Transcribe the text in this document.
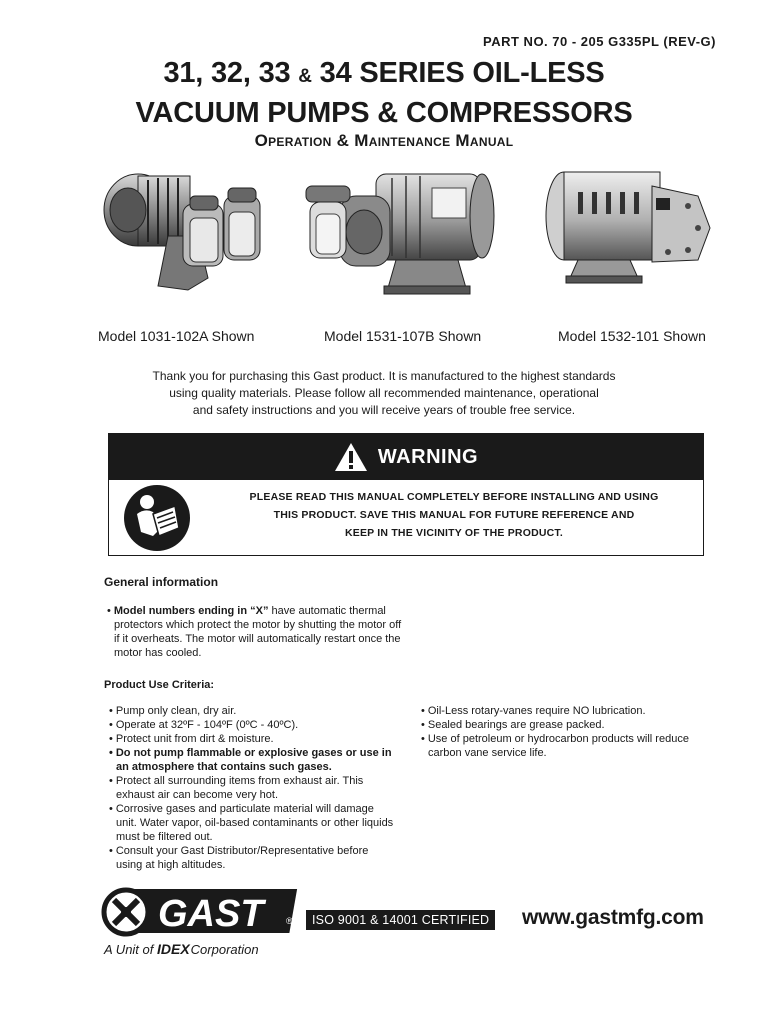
PART NO. 70 - 205 G335PL (REV-G)
31, 32, 33 & 34 SERIES OIL-LESS
VACUUM PUMPS & COMPRESSORS
Operation & Maintenance Manual
Model 1031-102A Shown	Model 1531-107B Shown	Model 1532-101 Shown
Thank you for purchasing this Gast product. It is manufactured to the highest standards
using quality materials. Please follow all recommended maintenance, operational
and safety instructions and you will receive years of trouble free service.
WARNING
PLEASE READ THIS MANUAL COMPLETELY BEFORE INSTALLING AND USING
THIS PRODUCT. SAVE THIS MANUAL FOR FUTURE REFERENCE AND
KEEP IN THE VICINITY OF THE PRODUCT.
General information
• Model numbers ending in “X” have automatic thermal protectors which protect the motor by shutting the motor off if it overheats. The motor will automatically restart once the motor has cooled.
Product Use Criteria:
• Pump only clean, dry air.
• Operate at 32ºF - 104ºF (0ºC - 40ºC).
• Protect unit from dirt & moisture.
• Do not pump flammable or explosive gases or use in an atmosphere that contains such gases.
• Protect all surrounding items from exhaust air. This exhaust air can become very hot.
• Corrosive gases and particulate material will damage unit. Water vapor, oil-based contaminants or other liquids must be filtered out.
• Consult your Gast Distributor/Representative before using at high altitudes.
• Oil-Less rotary-vanes require NO lubrication.
• Sealed bearings are grease packed.
• Use of petroleum or hydrocarbon products will reduce carbon vane service life.
GAST	®
A Unit of IDEXCorporation
ISO 9001 & 14001 CERTIFIED www.gastmfg.com
